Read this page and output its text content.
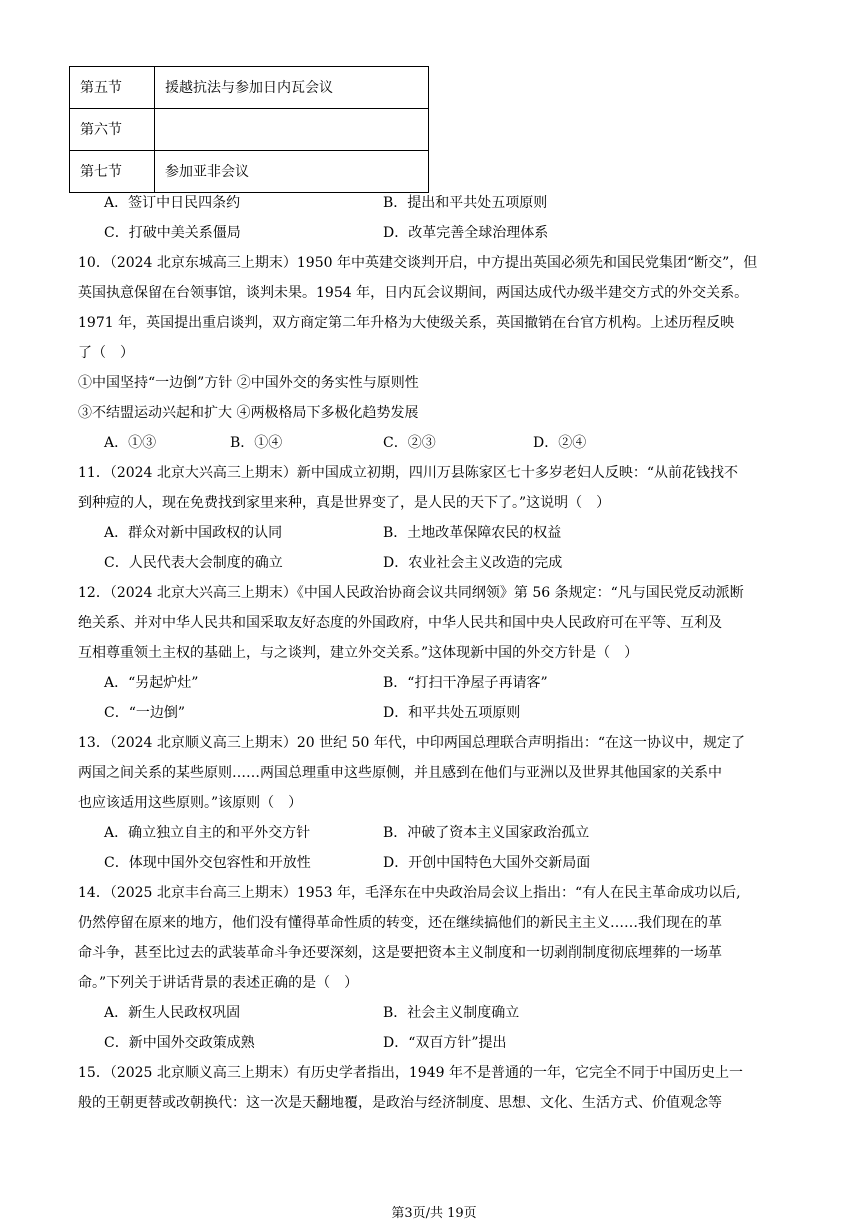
第五节	援越抗法与参加日内瓦会议
第六节	
第七节	参加亚非会议
A．签订中日民四条约	B．提出和平共处五项原则
C．打破中美关系僵局	D．改革完善全球治理体系
10．（2024 北京东城高三上期末）1950 年中英建交谈判开启，中方提出英国必须先和国民党集团“断交”，但
英国执意保留在台领事馆，谈判未果。1954 年，日内瓦会议期间，两国达成代办级半建交方式的外交关系。
1971 年，英国提出重启谈判，双方商定第二年升格为大使级关系，英国撤销在台官方机构。上述历程反映
了（　）
①中国坚持“一边倒”方针 ②中国外交的务实性与原则性
③不结盟运动兴起和扩大 ④两极格局下多极化趋势发展
A．①③	B．①④	C．②③	D．②④
11．（2024 北京大兴高三上期末）新中国成立初期，四川万县陈家区七十多岁老妇人反映：“从前花钱找不
到种痘的人，现在免费找到家里来种，真是世界变了，是人民的天下了。”这说明（　）
A．群众对新中国政权的认同	B．土地改革保障农民的权益
C．人民代表大会制度的确立	D．农业社会主义改造的完成
12．（2024 北京大兴高三上期末）《中国人民政治协商会议共同纲领》第 56 条规定：“凡与国民党反动派断
绝关系、并对中华人民共和国采取友好态度的外国政府，中华人民共和国中央人民政府可在平等、互利及
互相尊重领土主权的基础上，与之谈判，建立外交关系。”这体现新中国的外交方针是（　）
A．“另起炉灶”	B．“打扫干净屋子再请客”
C．“一边倒”	D．和平共处五项原则
13．（2024 北京顺义高三上期末）20 世纪 50 年代，中印两国总理联合声明指出：“在这一协议中，规定了
两国之间关系的某些原则……两国总理重申这些原侧，并且感到在他们与亚洲以及世界其他国家的关系中
也应该适用这些原则。”该原则（　）
A．确立独立自主的和平外交方针	B．冲破了资本主义国家政治孤立
C．体现中国外交包容性和开放性	D．开创中国特色大国外交新局面
14．（2025 北京丰台高三上期末）1953 年，毛泽东在中央政治局会议上指出：“有人在民主革命成功以后,
仍然停留在原来的地方，他们没有懂得革命性质的转变，还在继续搞他们的新民主主义……我们现在的革
命斗争，甚至比过去的武装革命斗争还要深刻，这是要把资本主义制度和一切剥削制度彻底埋葬的一场革
命。”下列关于讲话背景的表述正确的是（　）
A．新生人民政权巩固	B．社会主义制度确立
C．新中国外交政策成熟	D．“双百方针”提出
15．（2025 北京顺义高三上期末）有历史学者指出，1949 年不是普通的一年，它完全不同于中国历史上一
般的王朝更替或改朝换代：这一次是天翻地覆，是政治与经济制度、思想、文化、生活方式、价值观念等
第3页/共 19页
